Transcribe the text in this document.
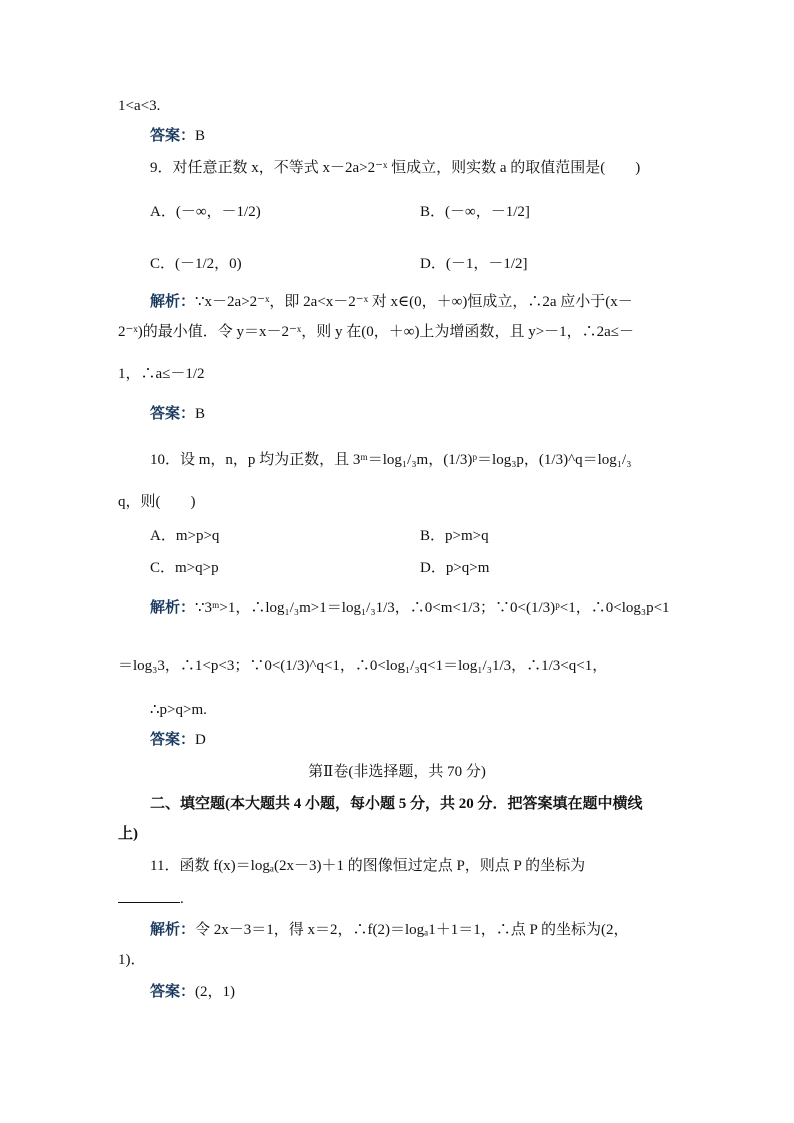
1<a<3.
答案：B
9．对任意正数 x，不等式 x－2a>2⁻ˣ 恒成立，则实数 a 的取值范围是(　　)
A．(－∞，－1/2)	B．(－∞，－1/2]
C．(－1/2，0)	D．(－1，－1/2]
解析：∵x－2a>2⁻ˣ，即 2a<x－2⁻ˣ 对 x∈(0，＋∞)恒成立，∴2a 应小于(x－
2⁻ˣ)的最小值．令 y＝x－2⁻ˣ，则 y 在(0，＋∞)上为增函数，且 y>－1，∴2a≤－
1，∴a≤－1/2
答案：B
10．设 m，n，p 均为正数，且 3ᵐ＝log₁/₃m，(1/3)ᵖ＝log₃p，(1/3)^q＝log₁/₃
q，则(　　)
A．m>p>q	B．p>m>q
C．m>q>p	D．p>q>m
解析：∵3ᵐ>1，∴log₁/₃m>1＝log₁/₃1/3，∴0<m<1/3；∵0<(1/3)ᵖ<1，∴0<log₃p<1
＝log₃3，∴1<p<3；∵0<(1/3)^q<1，∴0<log₁/₃q<1＝log₁/₃1/3，∴1/3<q<1，
∴p>q>m.
答案：D
第Ⅱ卷(非选择题，共 70 分)
二、填空题(本大题共 4 小题，每小题 5 分，共 20 分．把答案填在题中横线
上)
11．函数 f(x)＝logₐ(2x－3)＋1 的图像恒过定点 P，则点 P 的坐标为
.
解析：令 2x－3＝1，得 x＝2，∴f(2)＝logₐ1＋1＝1，∴点 P 的坐标为(2，
1)．
答案：(2，1)
